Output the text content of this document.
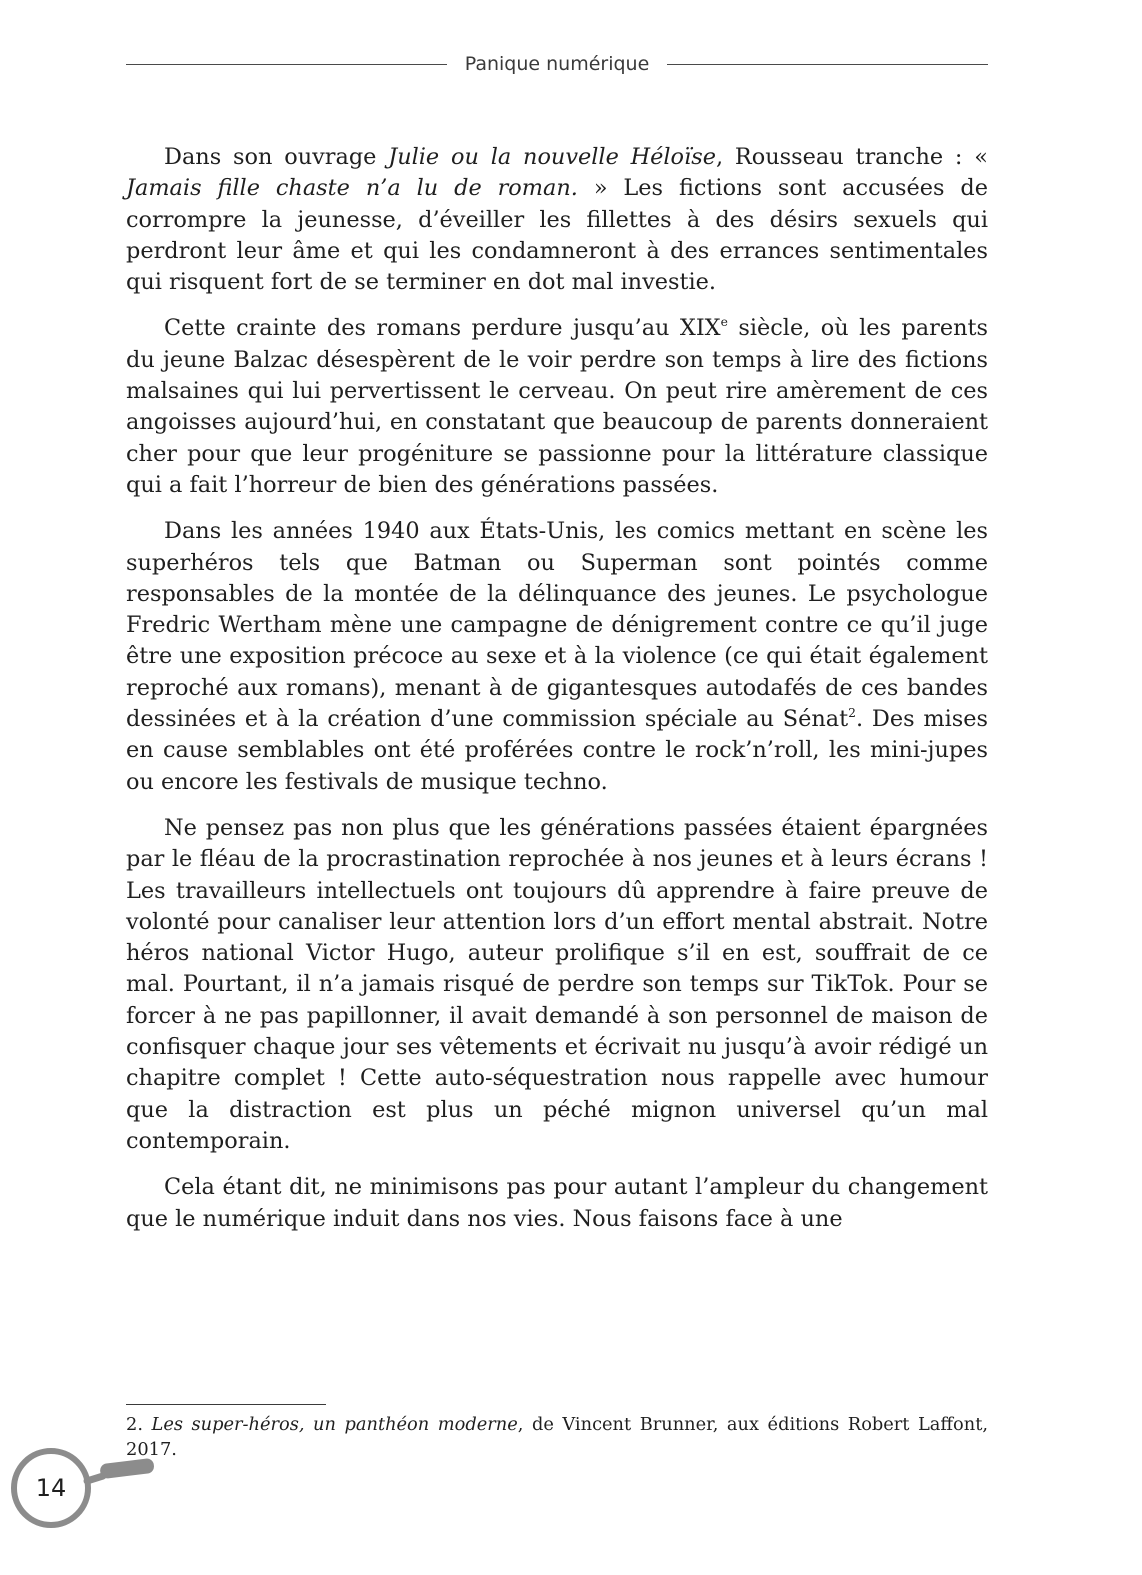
Panique numérique

Dans son ouvrage Julie ou la nouvelle Héloïse, Rousseau tranche : « Jamais fille chaste n’a lu de roman. » Les fictions sont accusées de corrompre la jeunesse, d’éveiller les fillettes à des désirs sexuels qui perdront leur âme et qui les condamneront à des errances sentimentales qui risquent fort de se terminer en dot mal investie.

Cette crainte des romans perdure jusqu’au XIXe siècle, où les parents du jeune Balzac désespèrent de le voir perdre son temps à lire des fictions malsaines qui lui pervertissent le cerveau. On peut rire amèrement de ces angoisses aujourd’hui, en constatant que beaucoup de parents donneraient cher pour que leur progéniture se passionne pour la littérature classique qui a fait l’horreur de bien des générations passées.

Dans les années 1940 aux États-Unis, les comics mettant en scène les superhéros tels que Batman ou Superman sont pointés comme responsables de la montée de la délinquance des jeunes. Le psychologue Fredric Wertham mène une campagne de dénigrement contre ce qu’il juge être une exposition précoce au sexe et à la violence (ce qui était également reproché aux romans), menant à de gigantesques autodafés de ces bandes dessinées et à la création d’une commission spéciale au Sénat$^2$. Des mises en cause semblables ont été proférées contre le rock’n’roll, les mini-jupes ou encore les festivals de musique techno.

Ne pensez pas non plus que les générations passées étaient épargnées par le fléau de la procrastination reprochée à nos jeunes et à leurs écrans ! Les travailleurs intellectuels ont toujours dû apprendre à faire preuve de volonté pour canaliser leur attention lors d’un effort mental abstrait. Notre héros national Victor Hugo, auteur prolifique s’il en est, souffrait de ce mal. Pourtant, il n’a jamais risqué de perdre son temps sur TikTok. Pour se forcer à ne pas papillonner, il avait demandé à son personnel de maison de confisquer chaque jour ses vêtements et écrivait nu jusqu’à avoir rédigé un chapitre complet ! Cette auto-séquestration nous rappelle avec humour que la distraction est plus un péché mignon universel qu’un mal contemporain.

Cela étant dit, ne minimisons pas pour autant l’ampleur du changement que le numérique induit dans nos vies. Nous faisons face à une

2. Les super-héros, un panthéon moderne, de Vincent Brunner, aux éditions Robert Laffont, 2017.
14
